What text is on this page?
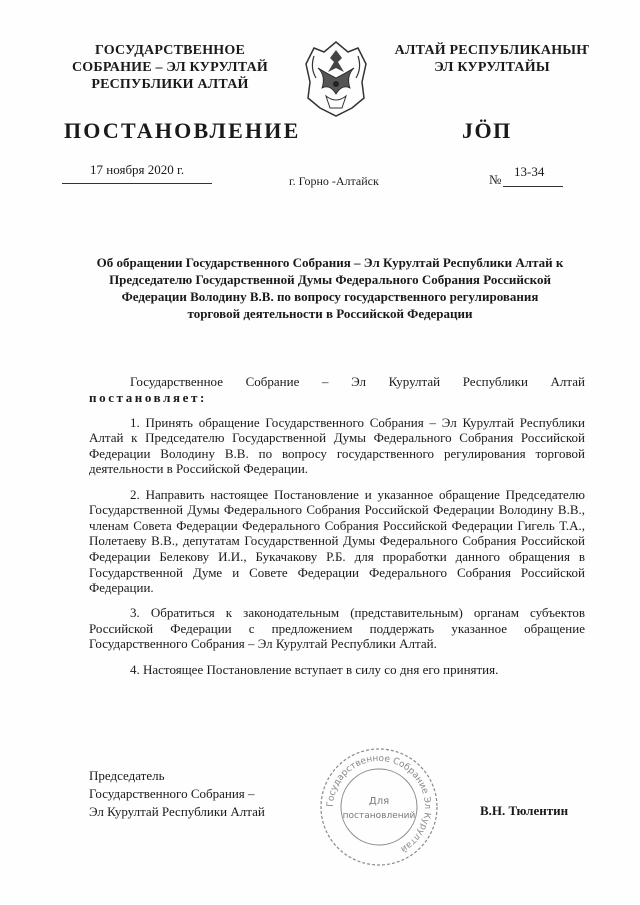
ГОСУДАРСТВЕННОЕ
СОБРАНИЕ – ЭЛ КУРУЛТАЙ
РЕСПУБЛИКИ АЛТАЙ
АЛТАЙ РЕСПУБЛИКАНЫҤ
ЭЛ КУРУЛТАЙЫ
ПОСТАНОВЛЕНИЕ	JӦП
17 ноября 2020 г.
г. Горно -Алтайск	№
13-34
Об обращении Государственного Собрания – Эл Курултай Республики Алтай к Председателю Государственной Думы Федерального Собрания Российской Федерации Володину В.В. по вопросу государственного регулирования торговой деятельности в Российской Федерации

Государственное Собрание – Эл Курултай Республики Алтай постановляет:

1. Принять обращение Государственного Собрания – Эл Курултай Республики Алтай к Председателю Государственной Думы Федерального Собрания Российской Федерации Володину В.В. по вопросу государственного регулирования торговой деятельности в Российской Федерации.

2. Направить настоящее Постановление и указанное обращение Председателю Государственной Думы Федерального Собрания Российской Федерации Володину В.В., членам Совета Федерации Федерального Собрания Российской Федерации Гигель Т.А., Полетаеву В.В., депутатам Государственной Думы Федерального Собрания Российской Федерации Белекову И.И., Букачакову Р.Б. для проработки данного обращения в Государственной Думе и Совете Федерации Федерального Собрания Российской Федерации.

3. Обратиться к законодательным (представительным) органам субъектов Российской Федерации с предложением поддержать указанное обращение Государственного Собрания – Эл Курултай Республики Алтай.

4. Настоящее Постановление вступает в силу со дня его принятия.

Председатель
Государственного Собрания –
Эл Курултай Республики Алтай	Государственное Собрание Эл Курултай
Для
постановлений	В.Н. Тюлентин
